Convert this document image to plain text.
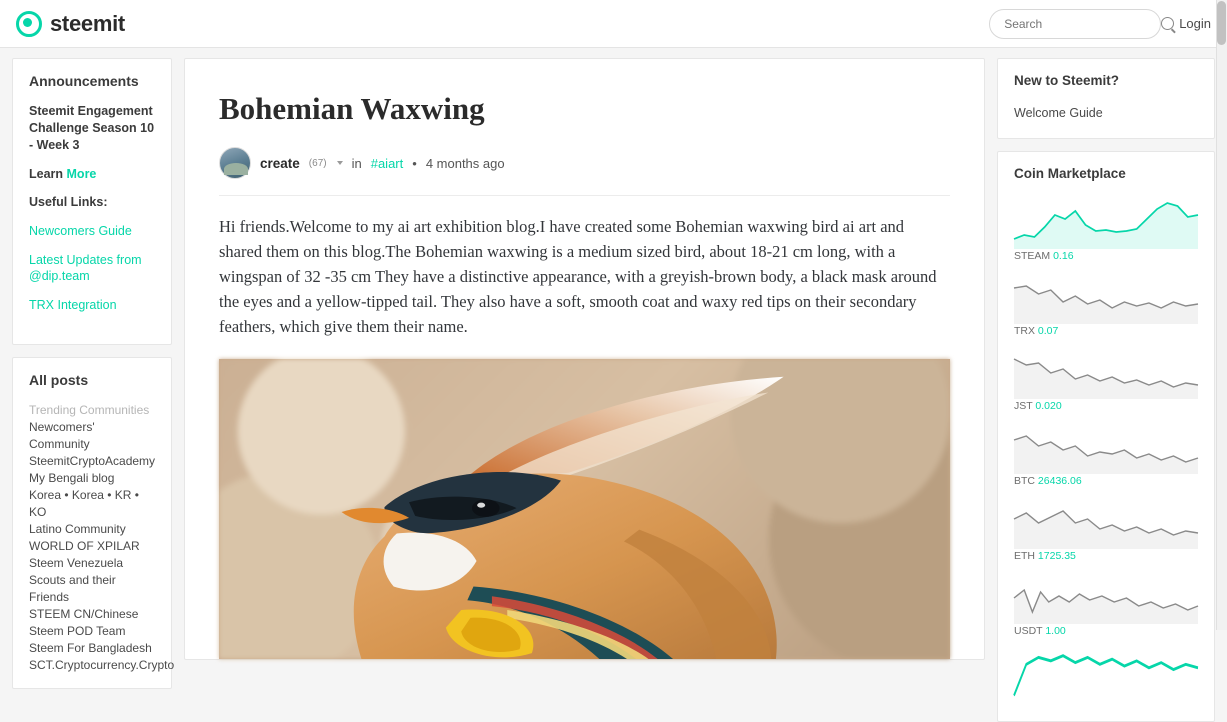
steemit
Search	Login
Announcements
Steemit Engagement Challenge Season 10 - Week 3
Learn More
Useful Links:
Newcomers Guide
Latest Updates from @dip.team
TRX Integration
All posts
Trending Communities
Newcomers' Community
SteemitCryptoAcademy
My Bengali blog
Korea • Korea • KR • KO
Latino Community
WORLD OF XPILAR
Steem Venezuela
Scouts and their Friends
STEEM CN/Chinese
Steem POD Team
Steem For Bangladesh
SCT.Cryptocurrency.Crypto
Bohemian Waxwing
create (67) in #aiart • 4 months ago

Hi friends.Welcome to my ai art exhibition blog.I have created some Bohemian waxwing bird ai art and shared them on this blog.The Bohemian waxwing is a medium sized bird, about 18-21 cm long, with a wingspan of 32 -35 cm They have a distinctive appearance, with a greyish-brown body, a black mask around the eyes and a yellow-tipped tail. They also have a soft, smooth coat and waxy red tips on their secondary feathers, which give them their name.

New to Steemit?
Welcome Guide
Coin Marketplace
STEAM 0.16
TRX 0.07
JST 0.020
BTC 26436.06
ETH 1725.35
USDT 1.00
